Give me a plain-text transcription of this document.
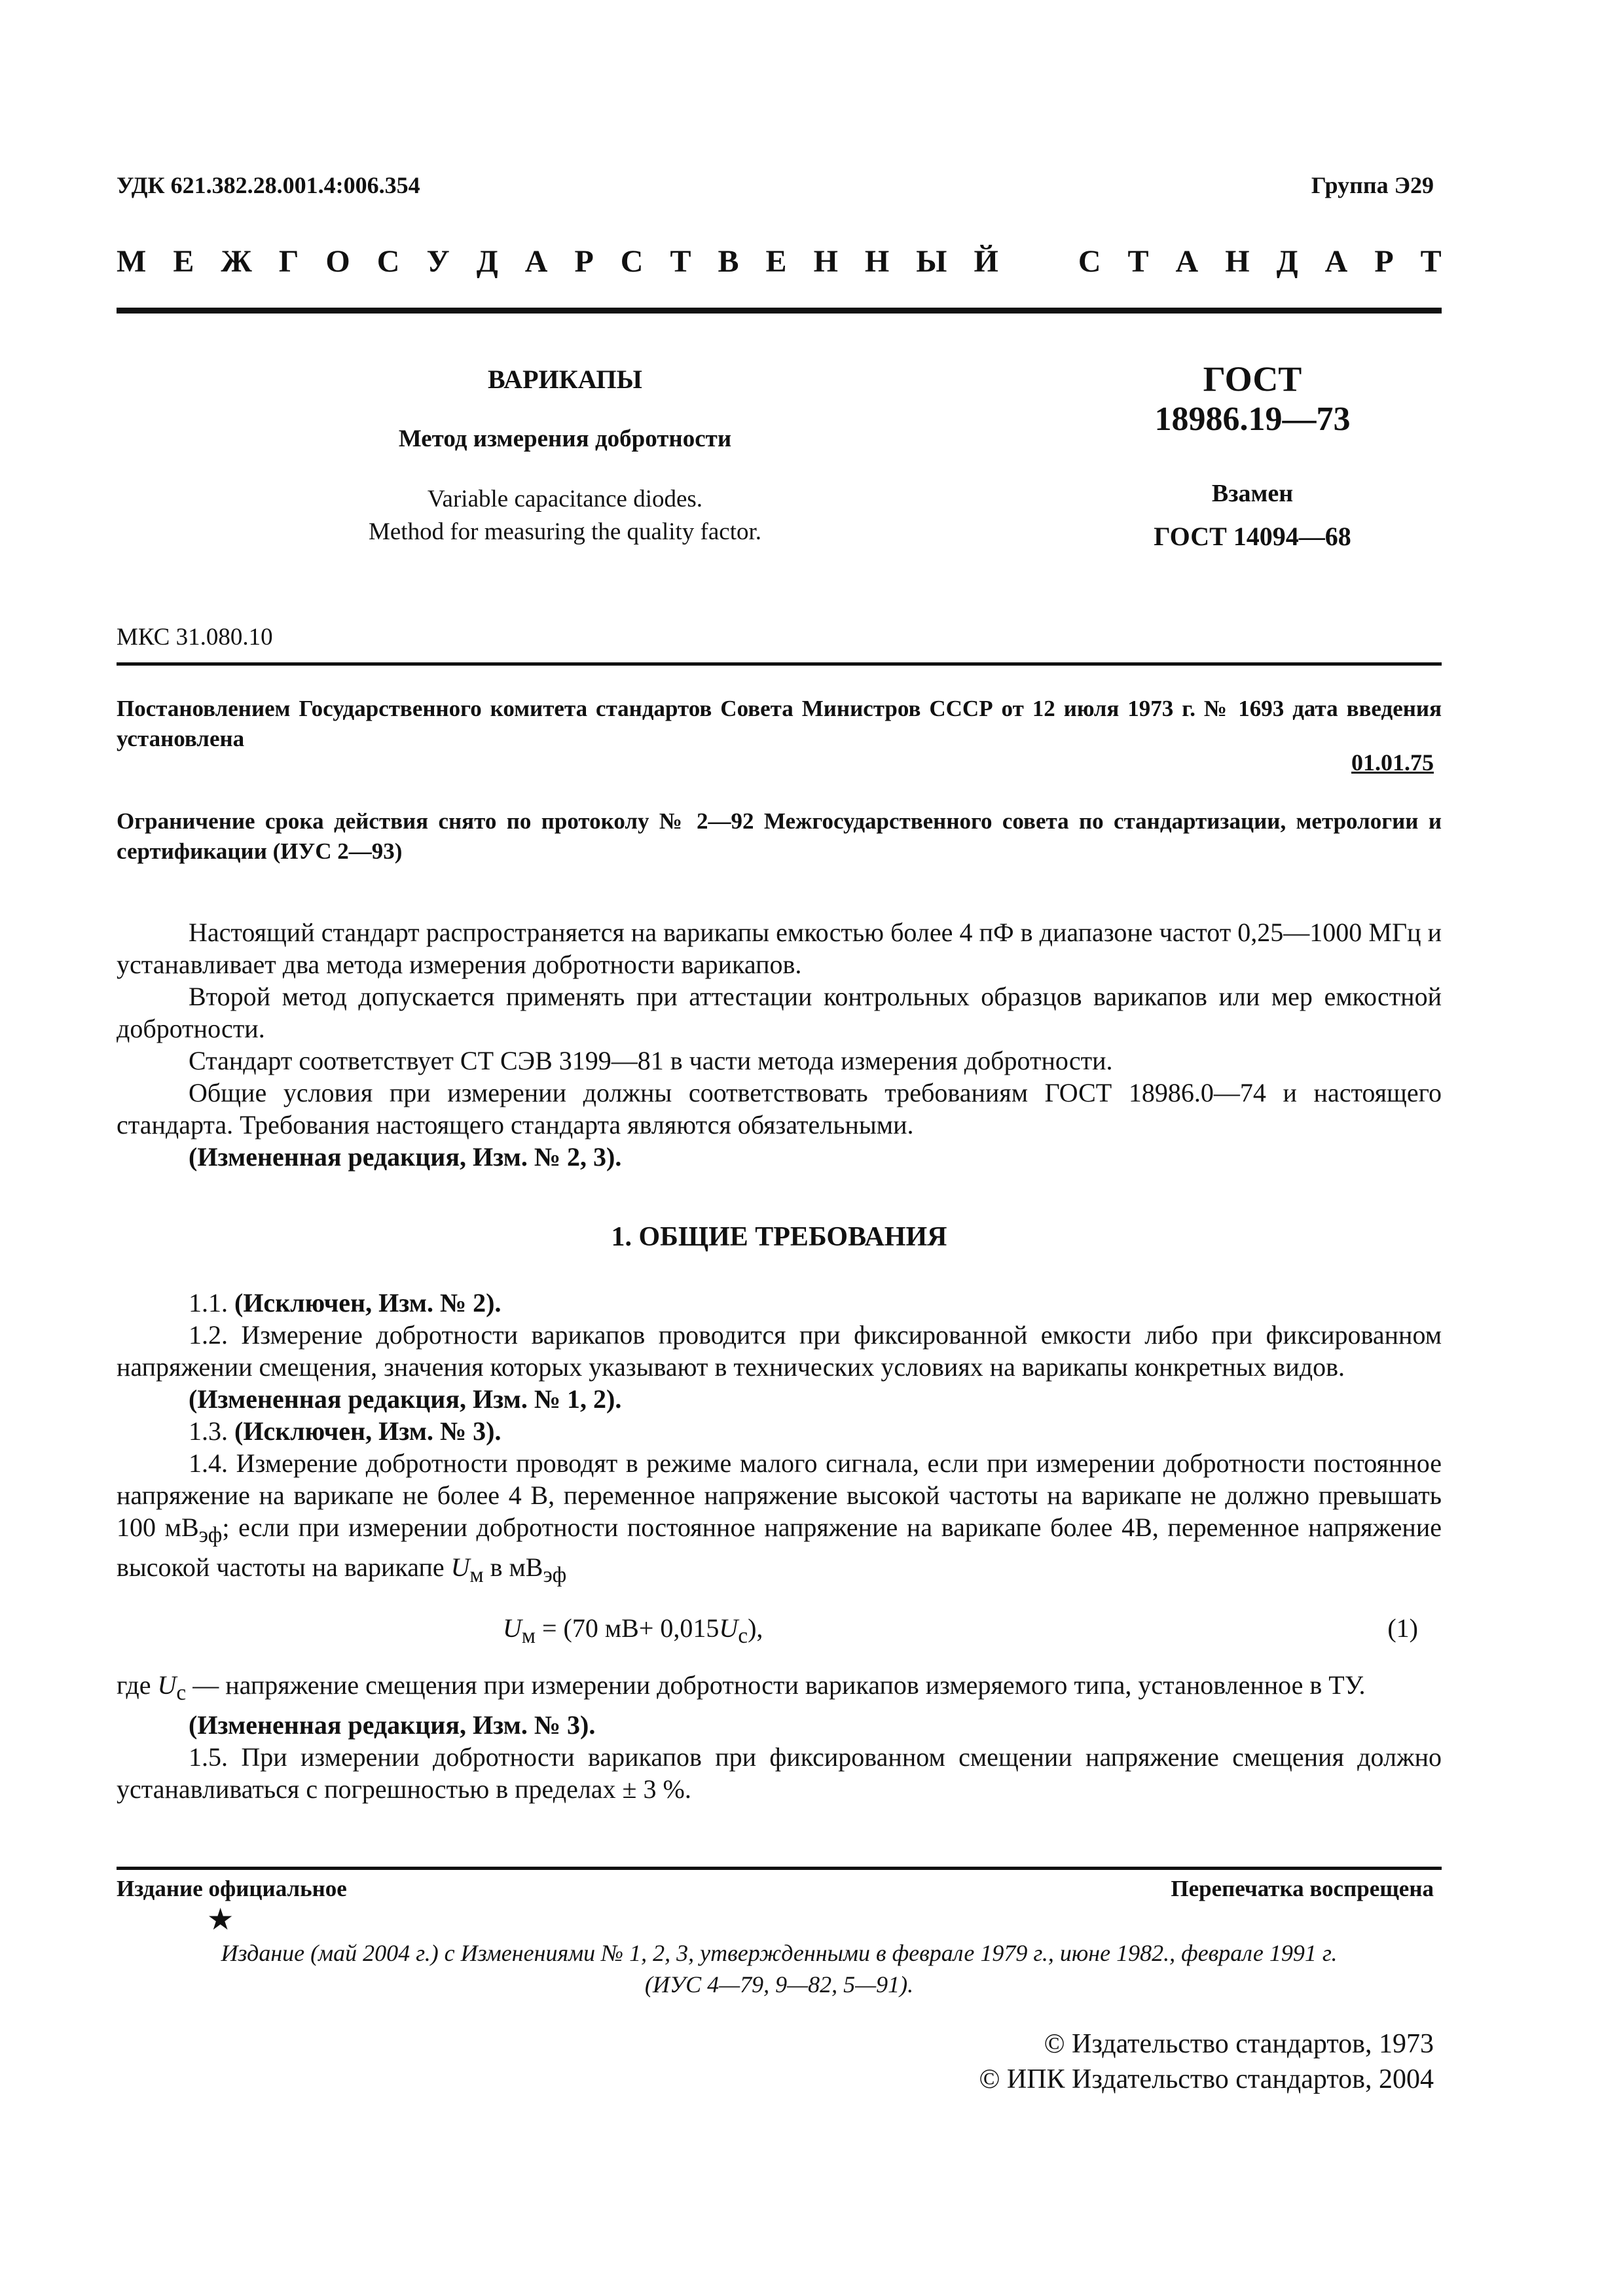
УДК 621.382.28.001.4:006.354	Группа Э29
М Е Ж Г О С У Д А Р С Т В Е Н Н Ы Й	С Т А Н Д А Р Т
ВАРИКАПЫ
Метод измерения добротности
Variable capacitance diodes.
Method for measuring the quality factor.
ГОСТ
18986.19—73
Взамен
ГОСТ 14094—68
МКС 31.080.10
Постановлением Государственного комитета стандартов Совета Министров СССР от 12 июля 1973 г. № 1693 дата введения установлена
01.01.75
Ограничение срока действия снято по протоколу № 2—92 Межгосударственного совета по стандартизации, метрологии и сертификации (ИУС 2—93)
Настоящий стандарт распространяется на варикапы емкостью более 4 пФ в диапазоне частот 0,25—1000 МГц и устанавливает два метода измерения добротности варикапов.
Второй метод допускается применять при аттестации контрольных образцов варикапов или мер емкостной добротности.
Стандарт соответствует СТ СЭВ 3199—81 в части метода измерения добротности.
Общие условия при измерении должны соответствовать требованиям ГОСТ 18986.0—74 и настоящего стандарта. Требования настоящего стандарта являются обязательными.
(Измененная редакция, Изм. № 2, 3).
1. ОБЩИЕ ТРЕБОВАНИЯ
1.1. (Исключен, Изм. № 2).
1.2. Измерение добротности варикапов проводится при фиксированной емкости либо при фиксированном напряжении смещения, значения которых указывают в технических условиях на варикапы конкретных видов.
(Измененная редакция, Изм. № 1, 2).
1.3. (Исключен, Изм. № 3).
1.4. Измерение добротности проводят в режиме малого сигнала, если при измерении добротности постоянное напряжение на варикапе не более 4 В, переменное напряжение высокой частоты на варикапе не должно превышать 100 $мВ_{эф}$; если при измерении добротности постоянное напряжение на варикапе более 4В, переменное напряжение высокой частоты на варикапе $U_м$ в $мВ_{эф}$
$U_м = (70$ $мВ+ 0,015U_с$),	(1)
где $U_с$ — напряжение смещения при измерении добротности варикапов измеряемого типа, установленное в ТУ.
(Измененная редакция, Изм. № 3).
1.5. При измерении добротности варикапов при фиксированном смещении напряжение смещения должно устанавливаться с погрешностью в пределах ± 3 %.
Издание официальное	Перепечатка воспрещена
★
Издание (май 2004 г.) с Изменениями № 1, 2, 3, утвержденными в феврале 1979 г., июне 1982., феврале 1991 г.
(ИУС 4—79, 9—82, 5—91).
© Издательство стандартов, 1973
© ИПК Издательство стандартов, 2004
